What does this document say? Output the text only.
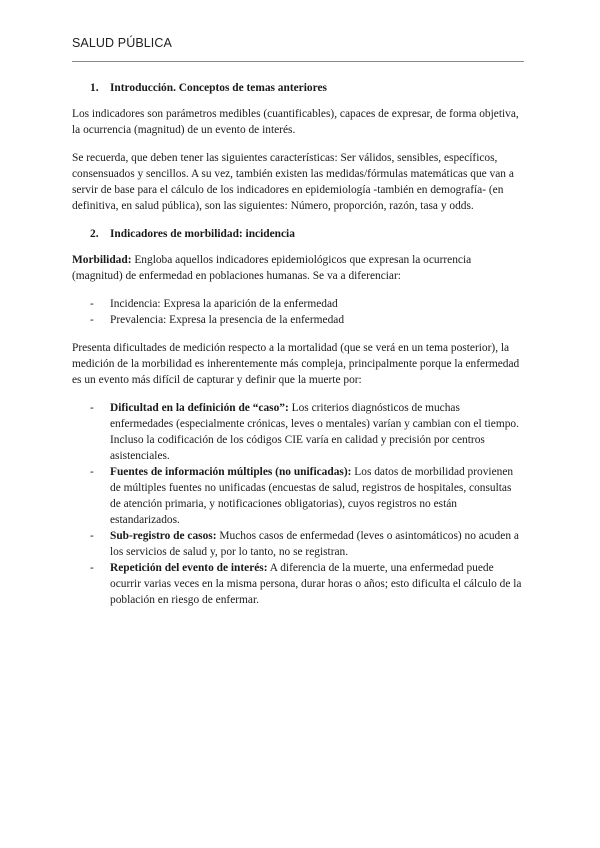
SALUD PÚBLICA
1.	Introducción. Conceptos de temas anteriores

Los indicadores son parámetros medibles (cuantificables), capaces de expresar, de forma objetiva, la ocurrencia (magnitud) de un evento de interés.

Se recuerda, que deben tener las siguientes características: Ser válidos, sensibles, específicos, consensuados y sencillos. A su vez, también existen las medidas/fórmulas matemáticas que van a servir de base para el cálculo de los indicadores en epidemiología -también en demografía- (en definitiva, en salud pública), son las siguientes: Número, proporción, razón, tasa y odds.

2.	Indicadores de morbilidad: incidencia

Morbilidad: Engloba aquellos indicadores epidemiológicos que expresan la ocurrencia (magnitud) de enfermedad en poblaciones humanas. Se va a diferenciar:

-	Incidencia: Expresa la aparición de la enfermedad
-	Prevalencia: Expresa la presencia de la enfermedad

Presenta dificultades de medición respecto a la mortalidad (que se verá en un tema posterior), la medición de la morbilidad es inherentemente más compleja, principalmente porque la enfermedad es un evento más difícil de capturar y definir que la muerte por:

-	Dificultad en la definición de “caso”: Los criterios diagnósticos de muchas enfermedades (especialmente crónicas, leves o mentales) varían y cambian con el tiempo. Incluso la codificación de los códigos CIE varía en calidad y precisión por centros asistenciales.
-	Fuentes de información múltiples (no unificadas): Los datos de morbilidad provienen de múltiples fuentes no unificadas (encuestas de salud, registros de hospitales, consultas de atención primaria, y notificaciones obligatorias), cuyos registros no están estandarizados.
-	Sub-registro de casos: Muchos casos de enfermedad (leves o asintomáticos) no acuden a los servicios de salud y, por lo tanto, no se registran.
-	Repetición del evento de interés: A diferencia de la muerte, una enfermedad puede ocurrir varias veces en la misma persona, durar horas o años; esto dificulta el cálculo de la población en riesgo de enfermar.
